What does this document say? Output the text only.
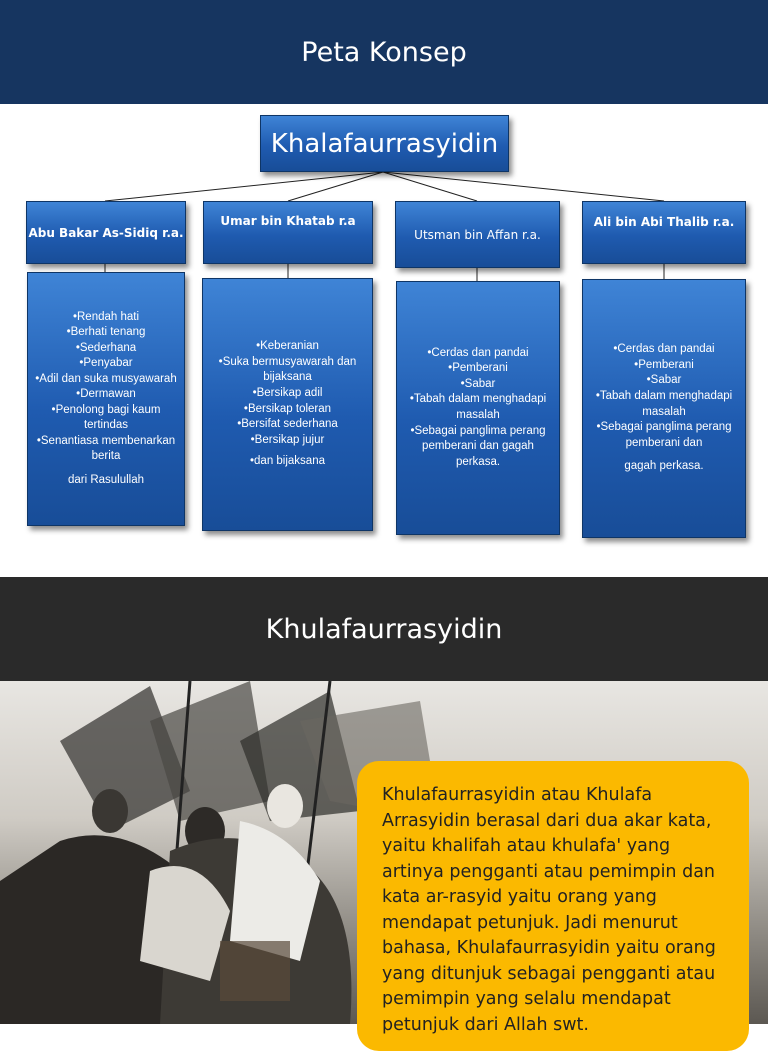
Peta Konsep
Khalafaurrasyidin
Abu Bakar As-Sidiq r.a.
Umar bin Khatab r.a
Utsman bin Affan r.a.
Ali bin Abi Thalib r.a.
•Rendah hati
•Berhati tenang
•Sederhana
•Penyabar
•Adil dan suka musyawarah
•Dermawan
•Penolong bagi kaum tertindas
•Senantiasa membenarkan berita
dari Rasulullah
•Keberanian
•Suka bermusyawarah dan bijaksana
•Bersikap adil
•Bersikap toleran
•Bersifat sederhana
•Bersikap jujur
•dan bijaksana
•Cerdas dan pandai
•Pemberani
•Sabar
•Tabah dalam menghadapi masalah
•Sebagai panglima perang pemberani dan gagah perkasa.
•Cerdas dan pandai
•Pemberani
•Sabar
•Tabah dalam menghadapi masalah
•Sebagai panglima perang pemberani dan
gagah perkasa.
Khulafaurrasyidin
Khulafaurrasyidin atau Khulafa Arrasyidin berasal dari dua akar kata, yaitu khalifah atau khulafa' yang artinya pengganti atau pemimpin dan kata ar-rasyid yaitu orang yang mendapat petunjuk. Jadi menurut bahasa, Khulafaurrasyidin yaitu orang yang ditunjuk sebagai pengganti atau pemimpin yang selalu mendapat petunjuk dari Allah swt.
